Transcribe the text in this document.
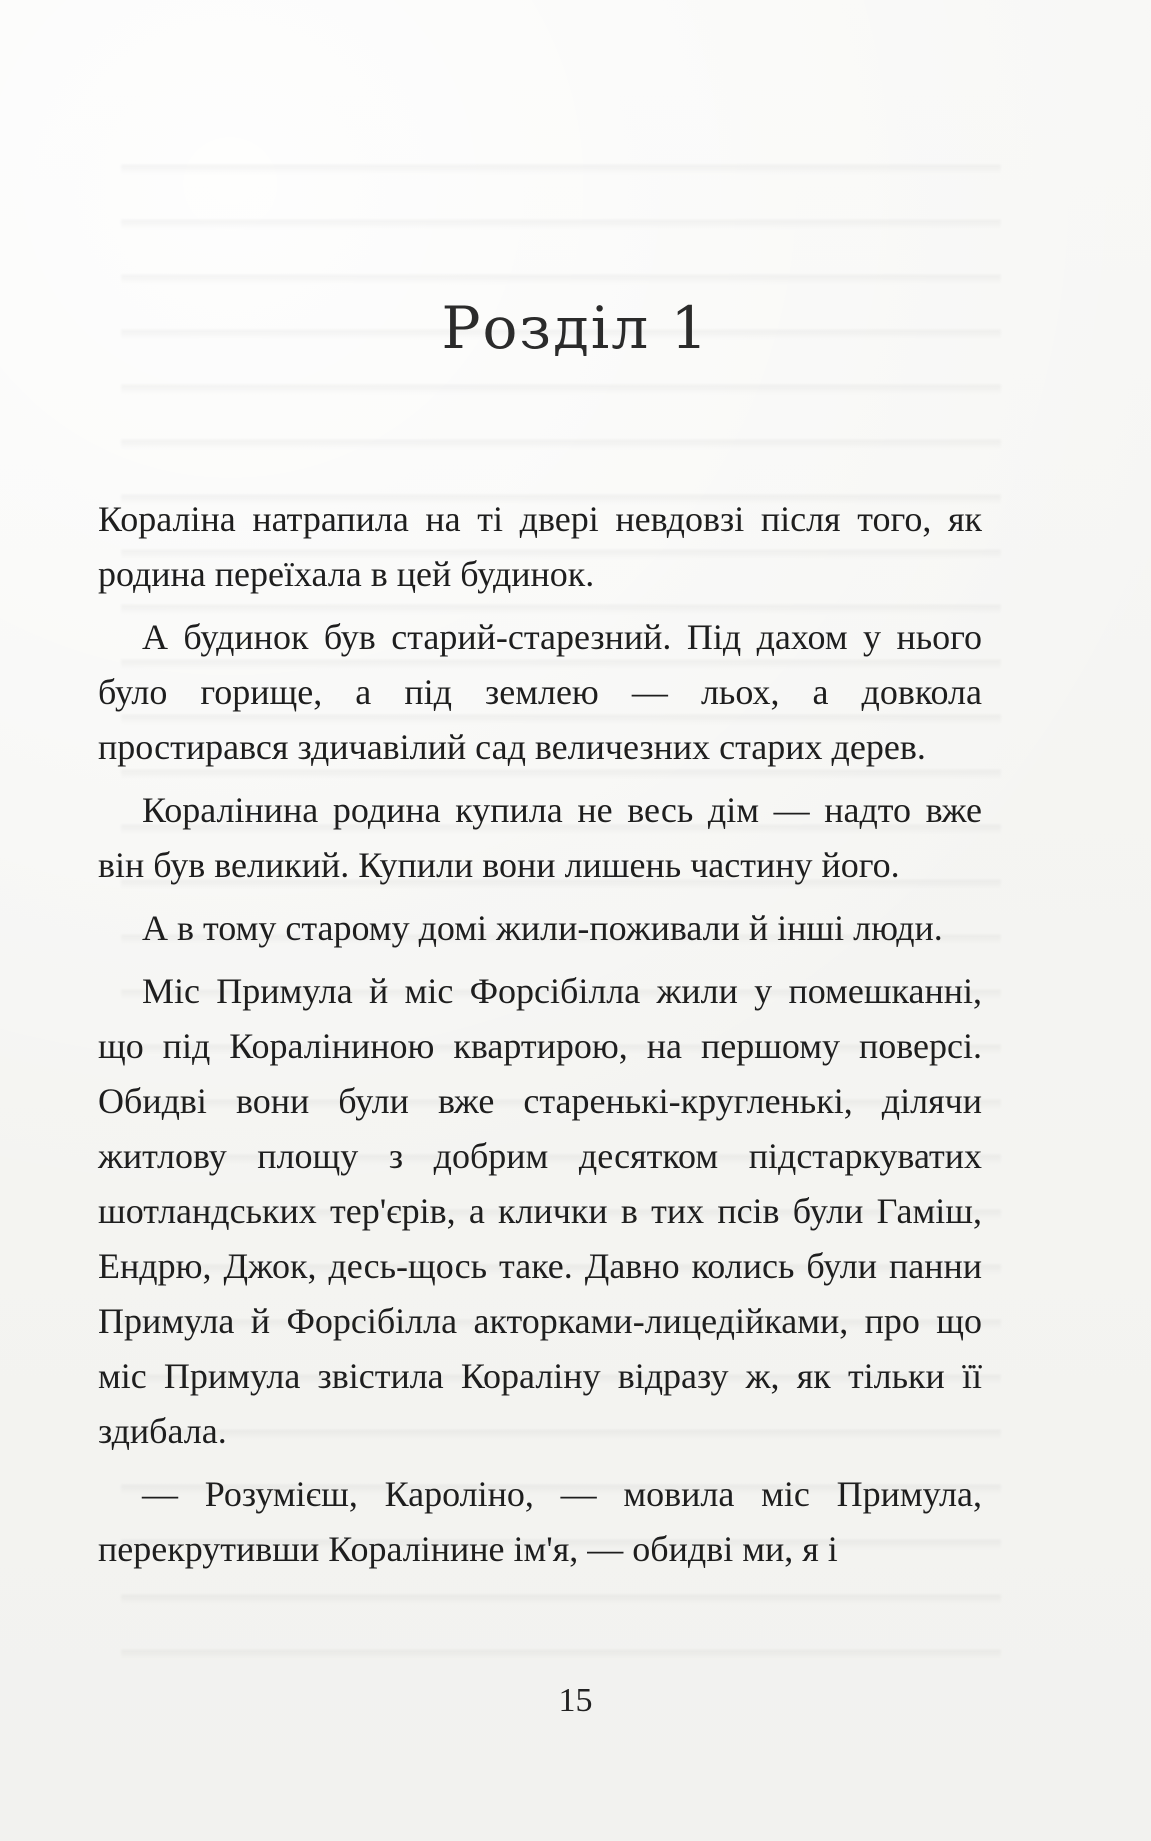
Розділ 1

Кораліна натрапила на ті двері невдовзі після того, як родина переїхала в цей будинок.

А будинок був старий-старезний. Під дахом у нього було горище, а під землею — льох, а довкола простирався здичавілий сад величезних старих дерев.

Коралінина родина купила не весь дім — надто вже він був великий. Купили вони лишень частину його.

А в тому старому домі жили-поживали й інші люди.

Міс Примула й міс Форсібілла жили у помешканні, що під Кораліниною квартирою, на першому поверсі. Обидві вони були вже старенькі-кругленькі, ділячи житлову площу з добрим десятком підстаркуватих шотландських тер'єрів, а клички в тих псів були Гаміш, Ендрю, Джок, десь-щось таке. Давно колись були панни Примула й Форсібілла акторками-лицедійками, про що міс Примула звістила Кораліну відразу ж, як тільки її здибала.

— Розумієш, Кароліно, — мовила міс Примула, перекрутивши Коралінине ім'я, — обидві ми, я і

15
